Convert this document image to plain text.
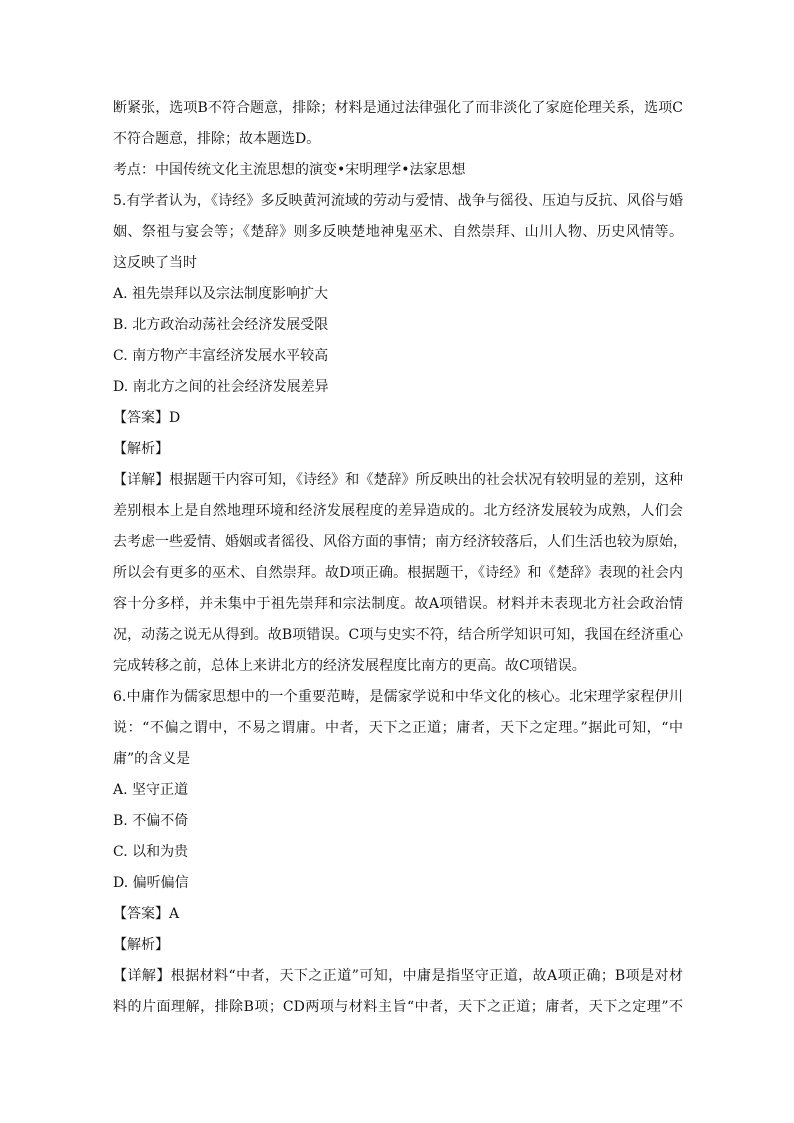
断紧张，选项B不符合题意，排除；材料是通过法律强化了而非淡化了家庭伦理关系，选项C
不符合题意，排除；故本题选D。
考点：中国传统文化主流思想的演变•宋明理学•法家思想
5.有学者认为，《诗经》多反映黄河流域的劳动与爱情、战争与徭役、压迫与反抗、风俗与婚
姻、祭祖与宴会等；《楚辞》则多反映楚地神鬼巫术、自然崇拜、山川人物、历史风情等。
这反映了当时
A. 祖先崇拜以及宗法制度影响扩大
B. 北方政治动荡社会经济发展受限
C. 南方物产丰富经济发展水平较高
D. 南北方之间的社会经济发展差异
【答案】D
【解析】
【详解】根据题干内容可知，《诗经》和《楚辞》所反映出的社会状况有较明显的差别，这种
差别根本上是自然地理环境和经济发展程度的差异造成的。北方经济发展较为成熟，人们会
去考虑一些爱情、婚姻或者徭役、风俗方面的事情；南方经济较落后，人们生活也较为原始，
所以会有更多的巫术、自然崇拜。故D项正确。根据题干，《诗经》和《楚辞》表现的社会内
容十分多样，并未集中于祖先崇拜和宗法制度。故A项错误。材料并未表现北方社会政治情
况，动荡之说无从得到。故B项错误。C项与史实不符，结合所学知识可知，我国在经济重心
完成转移之前，总体上来讲北方的经济发展程度比南方的更高。故C项错误。
6.中庸作为儒家思想中的一个重要范畴，是儒家学说和中华文化的核心。北宋理学家程伊川
说：“不偏之谓中，不易之谓庸。中者，天下之正道；庸者，天下之定理。”据此可知，“中
庸”的含义是
A. 坚守正道
B. 不偏不倚
C. 以和为贵
D. 偏听偏信
【答案】A
【解析】
【详解】根据材料“中者，天下之正道”可知，中庸是指坚守正道，故A项正确；B项是对材
料的片面理解，排除B项；CD两项与材料主旨“中者，天下之正道；庸者，天下之定理”不
